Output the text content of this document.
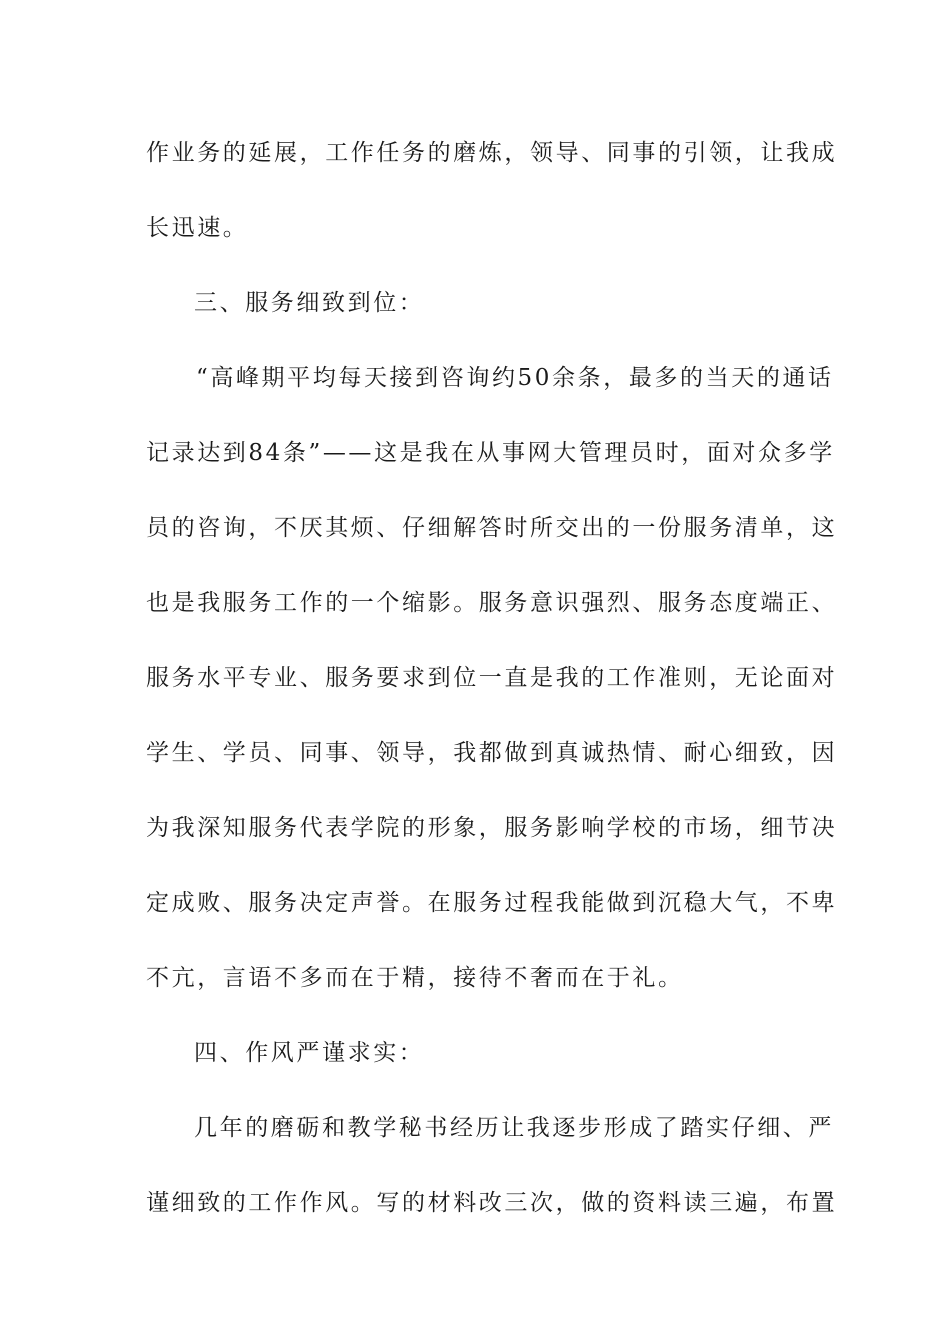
作业务的延展，工作任务的磨炼，领导、同事的引领，让我成
长迅速。
三、服务细致到位：
“高峰期平均每天接到咨询约50余条，最多的当天的通话
记录达到84条”——这是我在从事网大管理员时，面对众多学
员的咨询，不厌其烦、仔细解答时所交出的一份服务清单，这
也是我服务工作的一个缩影。服务意识强烈、服务态度端正、
服务水平专业、服务要求到位一直是我的工作准则，无论面对
学生、学员、同事、领导，我都做到真诚热情、耐心细致，因
为我深知服务代表学院的形象，服务影响学校的市场，细节决
定成败、服务决定声誉。在服务过程我能做到沉稳大气，不卑
不亢，言语不多而在于精，接待不奢而在于礼。
四、作风严谨求实：
几年的磨砺和教学秘书经历让我逐步形成了踏实仔细、严
谨细致的工作作风。写的材料改三次，做的资料读三遍，布置
